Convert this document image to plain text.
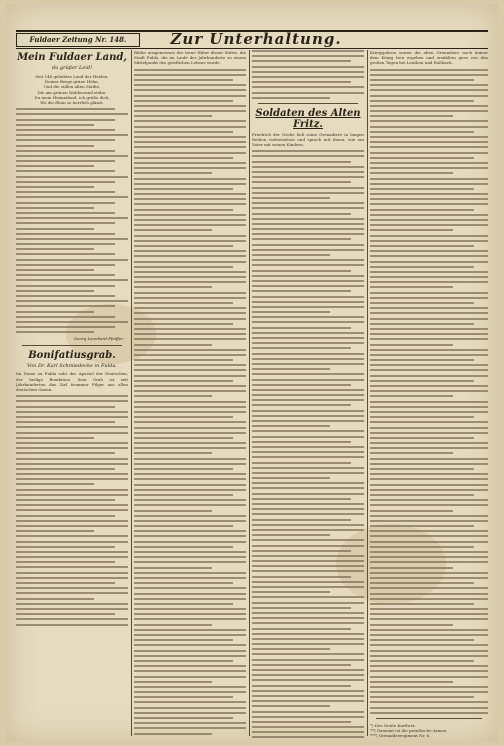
Fuldaer Zeitung Nr. 148.	Zur Unterhaltung.
Mein Fuldaer Land,
du grüßer Leid!
Seit 148 geliebtes Land der Heiden,
Deiner Berge grüne Höhn,
Und die stillen alten Städte,
Die am grünen Waldesrand stehn.
Du mein Heimatland, ich grüße dich,
Wo die Rhön so herrlich glänzt.
Georg Leonhard Pfeiffer.
Bonifatiusgrab.
Von Dr. Karl Schmiedecke in Fulda.

Im Dome zu Fulda ruht der Apostel der Deutschen, der heilige Bonifatius. Sein Grab ist seit Jahrhunderten das Ziel frommer Pilger aus allen deutschen Gauen.

Bilder ausgemessen der treue Hüter dieser Stätte, die Stadt Fulda, die im Laufe der Jahrhunderte zu einem Mittelpunkt des geistlichen Lebens wurde.

Soldaten des Alten Fritz.

Friedrich der Große ließ seine Grenadiere in langen Reihen vorbeiziehen und sprach mit ihnen, wie ein Vater mit seinen Kindern.

Kriegsjahren waren die alten Grenadiere noch immer dem König treu ergeben und erzählten gern von den großen Tagen bei Leuthen und Roßbach.

*) Der Große Kurfürst.

**) Gemeint ist die preußische Armee.

***) Grenadierregiment Nr. 6.
